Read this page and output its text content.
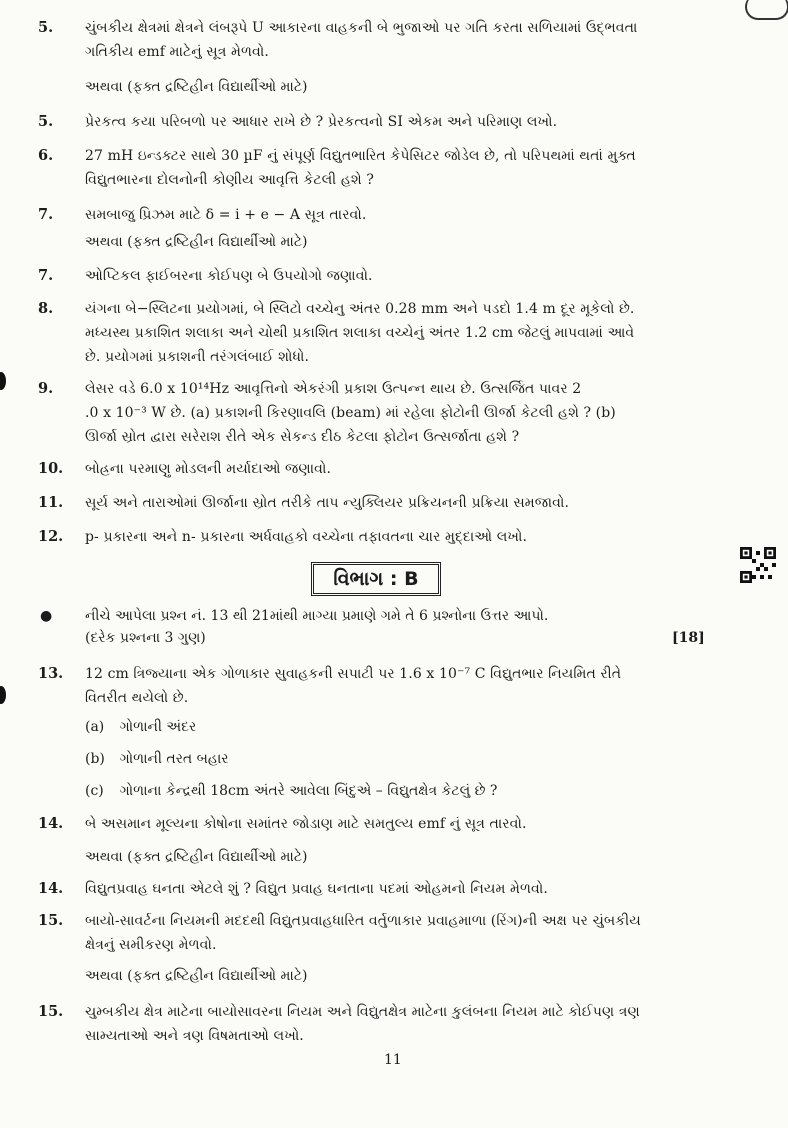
5.	ચુંબકીય ક્ષેત્રમાં ક્ષેત્રને લંબરૂપે U આકારના વાહકની બે ભુજાઓ પર ગતિ કરતા સળિયામાં ઉદ્ભવતા
ગતિકીય emf માટેનું સૂત્ર મેળવો.
અથવા (ફક્ત દ્રષ્ટિહીન વિદ્યાર્થીઓ માટે)
5.	પ્રેરકત્વ કયા પરિબળો પર આધાર રાખે છે ? પ્રેરકત્વનો SI એકમ અને પરિમાણ લખો.
6.	27 mH ઇન્ડક્ટર સાથે 30 µF નું સંપૂર્ણ વિદ્યુતભારિત કેપેસિટર જોડેલ છે, તો પરિપથમાં થતાં મુક્ત
વિદ્યુતભારના દોલનોની કોણીય આવૃત્તિ કેટલી હશે ?
7.	સમબાજુ પ્રિઝમ માટે δ = i + e − A સૂત્ર તારવો.
અથવા (ફક્ત દ્રષ્ટિહીન વિદ્યાર્થીઓ માટે)
7.	ઓપ્ટિકલ ફાઈબરના કોઈપણ બે ઉપયોગો જણાવો.
8.	યંગના બે−સ્લિટના પ્રયોગમાં, બે સ્લિટો વચ્ચેનુ અંતર 0.28 mm અને પડદો 1.4 m દૂર મૂકેલો છે.
મધ્યસ્થ પ્રકાશિત શલાકા અને ચોથી પ્રકાશિત શલાકા વચ્ચેનું અંતર 1.2 cm જેટલું માપવામાં આવે
છે. પ્રયોગમાં પ્રકાશની તરંગલંબાઈ શોધો.
9.	લેસર વડે 6.0 x 10¹⁴Hz આવૃત્તિનો એકરંગી પ્રકાશ ઉત્પન્ન થાય છે. ઉત્સર્જિત પાવર 2
.0 x 10⁻³ W છે. (a) પ્રકાશની કિરણાવલિ (beam) માં રહેલા ફોટોની ઊર્જા કેટલી હશે ? (b)
ઊર્જા સ્રોત દ્વારા સરેરાશ રીતે એક સેકન્ડ દીઠ કેટલા ફોટોન ઉત્સર્જાતા હશે ?
10.	બોહ્રના પરમાણુ મોડલની મર્યાદાઓ જણાવો.
11.	સૂર્ય અને તારાઓમાં ઊર્જાના સ્રોત તરીકે તાપ ન્યુક્લિયર પ્રક્રિયનની પ્રક્રિયા સમજાવો.
12.	p- પ્રકારના અને n- પ્રકારના અર્ધવાહકો વચ્ચેના તફાવતના ચાર મુદ્દાઓ લખો.
વિભાગ : B
● નીચે આપેલા પ્રશ્ન નં. 13 થી 21માંથી માગ્યા પ્રમાણે ગમે તે 6 પ્રશ્નોના ઉત્તર આપો.
(દરેક પ્રશ્નના 3 ગુણ)	[18]
13.	12 cm ત્રિજ્યાના એક ગોળાકાર સુવાહકની સપાટી પર 1.6 x 10⁻⁷ C વિદ્યુતભાર નિયમિત રીતે
વિતરીત થયેલો છે.
(a) ગોળાની અંદર
(b) ગોળાની તરત બહાર
(c) ગોળાના કેન્દ્રથી 18cm અંતરે આવેલા બિંદુએ – વિદ્યુતક્ષેત્ર કેટલું છે ?
14.	બે અસમાન મૂલ્યના કોષોના સમાંતર જોડાણ માટે સમતુલ્ય emf નું સૂત્ર તારવો.
અથવા (ફક્ત દ્રષ્ટિહીન વિદ્યાર્થીઓ માટે)
14.	વિદ્યુતપ્રવાહ ઘનતા એટલે શું ? વિદ્યુત પ્રવાહ ઘનતાના પદમાં ઓહમનો નિયમ મેળવો.
15.	બાયો-સાવર્ટના નિયમની મદદથી વિદ્યુતપ્રવાહધારિત વર્તુળાકાર પ્રવાહમાળા (રિંગ)ની અક્ષ પર ચુંબકીય
ક્ષેત્રનું સમીકરણ મેળવો.
અથવા (ફક્ત દ્રષ્ટિહીન વિદ્યાર્થીઓ માટે)
15.	ચુમ્બકીય ક્ષેત્ર માટેના બાયોસાવરના નિયમ અને વિદ્યુતક્ષેત્ર માટેના કુલંબના નિયમ માટે કોઈપણ ત્રણ
સામ્યતાઓ અને ત્રણ વિષમતાઓ લખો.
11
